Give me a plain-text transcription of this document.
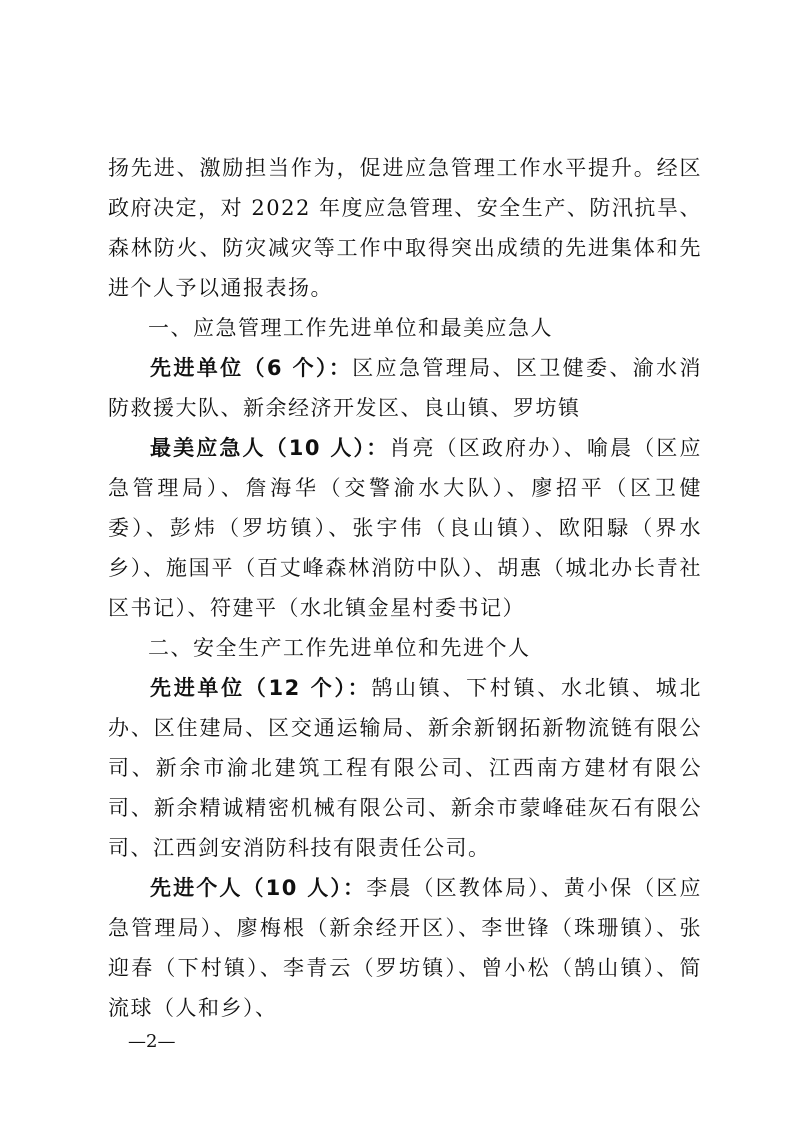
扬先进、激励担当作为，促进应急管理工作水平提升。经区政府决定，对 2022 年度应急管理、安全生产、防汛抗旱、森林防火、防灾减灾等工作中取得突出成绩的先进集体和先进个人予以通报表扬。
一、应急管理工作先进单位和最美应急人
先进单位（6 个）：区应急管理局、区卫健委、渝水消防救援大队、新余经济开发区、良山镇、罗坊镇
最美应急人（10 人）：肖亮（区政府办）、喻晨（区应急管理局）、詹海华（交警渝水大队）、廖招平（区卫健委）、彭炜（罗坊镇）、张宇伟（良山镇）、欧阳騄（界水乡）、施国平（百丈峰森林消防中队）、胡惠（城北办长青社区书记）、符建平（水北镇金星村委书记）
二、安全生产工作先进单位和先进个人
先进单位（12 个）：鹄山镇、下村镇、水北镇、城北办、区住建局、区交通运输局、新余新钢拓新物流链有限公司、新余市渝北建筑工程有限公司、江西南方建材有限公司、新余精诚精密机械有限公司、新余市蒙峰硅灰石有限公司、江西剑安消防科技有限责任公司。
先进个人（10 人）：李晨（区教体局）、黄小保（区应急管理局）、廖梅根（新余经开区）、李世锋（珠珊镇）、张迎春（下村镇）、李青云（罗坊镇）、曾小松（鹄山镇）、简流球（人和乡）、
—2—
